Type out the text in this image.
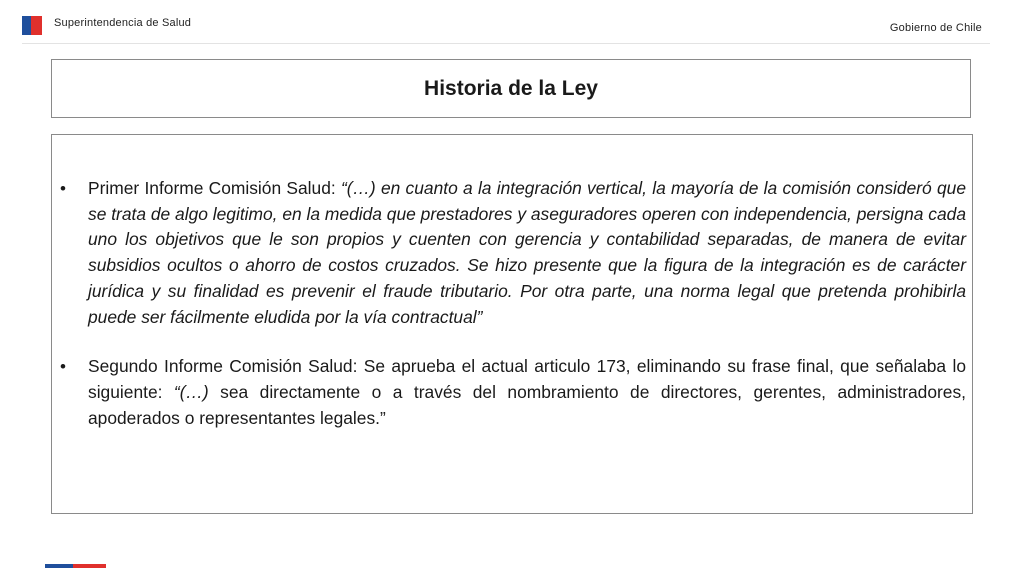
Superintendencia de Salud	Gobierno de Chile
Historia de la Ley
• Primer Informe Comisión Salud: “(…) en cuanto a la integración vertical, la mayoría de la comisión consideró que se trata de algo legitimo, en la medida que prestadores y aseguradores operen con independencia, persigna cada uno los objetivos que le son propios y cuenten con gerencia y contabilidad separadas, de manera de evitar subsidios ocultos o ahorro de costos cruzados. Se hizo presente que la figura de la integración es de carácter jurídica y su finalidad es prevenir el fraude tributario. Por otra parte, una norma legal que pretenda prohibirla puede ser fácilmente eludida por la vía contractual”
• Segundo Informe Comisión Salud: Se aprueba el actual articulo 173, eliminando su frase final, que señalaba lo siguiente: “(…) sea directamente o a través del nombramiento de directores, gerentes, administradores, apoderados o representantes legales.”
